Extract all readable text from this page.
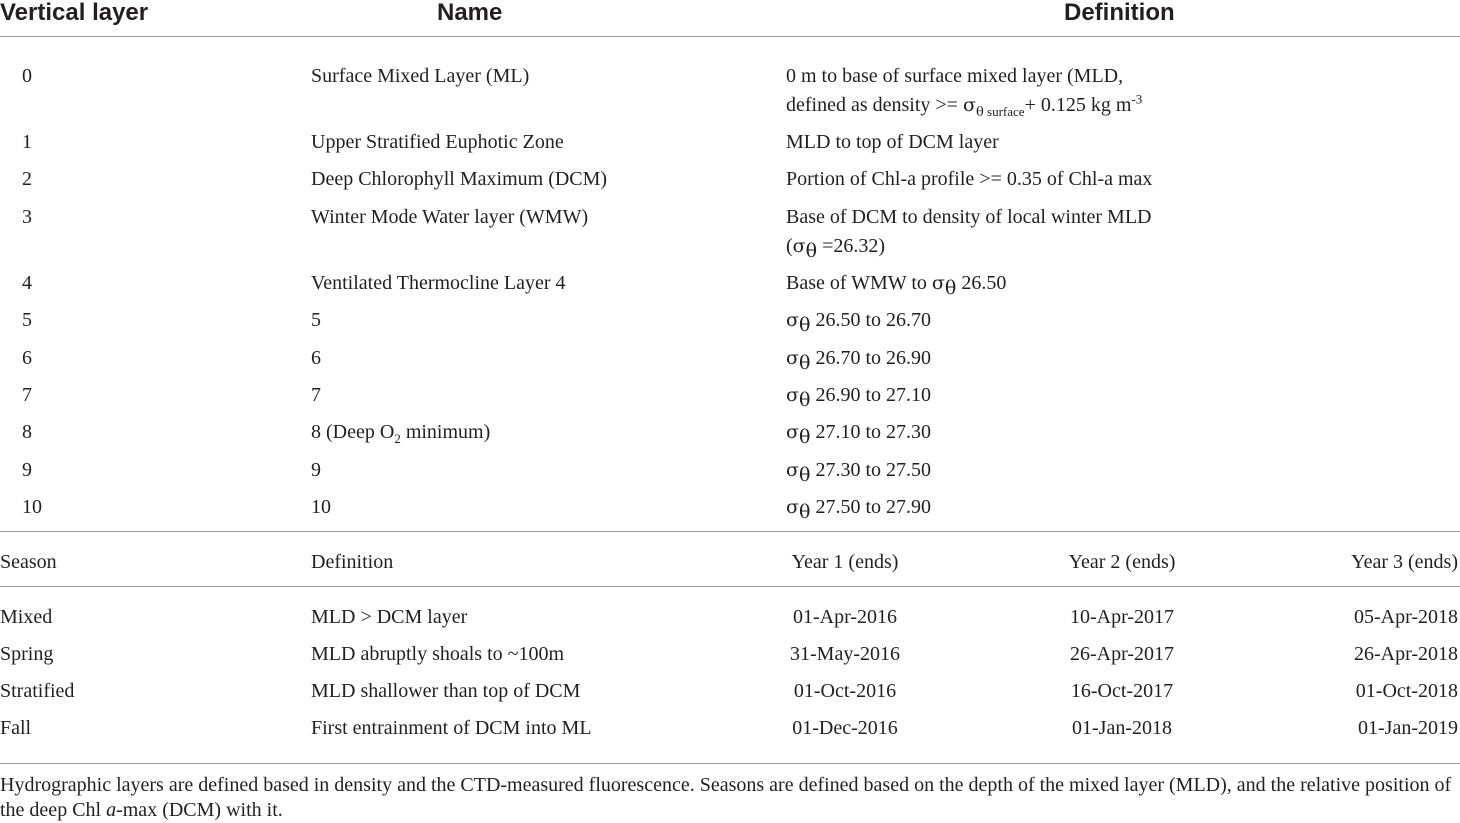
Vertical layer	Name	Definition
0	Surface Mixed Layer (ML)	0 m to base of surface mixed layer (MLD,
defined as density >= $\sigma_{\theta surface}+ 0.125$ kg $m^{-3}$
1	Upper Stratified Euphotic Zone	MLD to top of DCM layer
2	Deep Chlorophyll Maximum (DCM)	Portion of Chl-a profile >= 0.35 of Chl-a max
3	Winter Mode Water layer (WMW)	Base of DCM to density of local winter MLD
$(\sigma_\theta =26.32)$
4	Ventilated Thermocline Layer 4	Base of WMW to $\sigma_\theta$ 26.50
5	5	$\sigma_\theta$ 26.50 to 26.70
6	6	$\sigma_\theta$ 26.70 to 26.90
7	7	$\sigma_\theta$ 26.90 to 27.10
8	8 (Deep $O_2$ minimum)	$\sigma_\theta$ 27.10 to 27.30
9	9	$\sigma_\theta$ 27.30 to 27.50
10	10	$\sigma_\theta$ 27.50 to 27.90
Season	Definition	Year 1 (ends)	Year 2 (ends)	Year 3 (ends)
Mixed	MLD > DCM layer	01-Apr-2016	10-Apr-2017	05-Apr-2018
Spring	MLD abruptly shoals to ~100m	31-May-2016	26-Apr-2017	26-Apr-2018
Stratified	MLD shallower than top of DCM	01-Oct-2016	16-Oct-2017	01-Oct-2018
Fall	First entrainment of DCM into ML	01-Dec-2016	01-Jan-2018	01-Jan-2019
Hydrographic layers are defined based in density and the CTD-measured fluorescence. Seasons are defined based on the depth of the mixed layer (MLD), and the relative position of the deep Chl a-max (DCM) with it.
